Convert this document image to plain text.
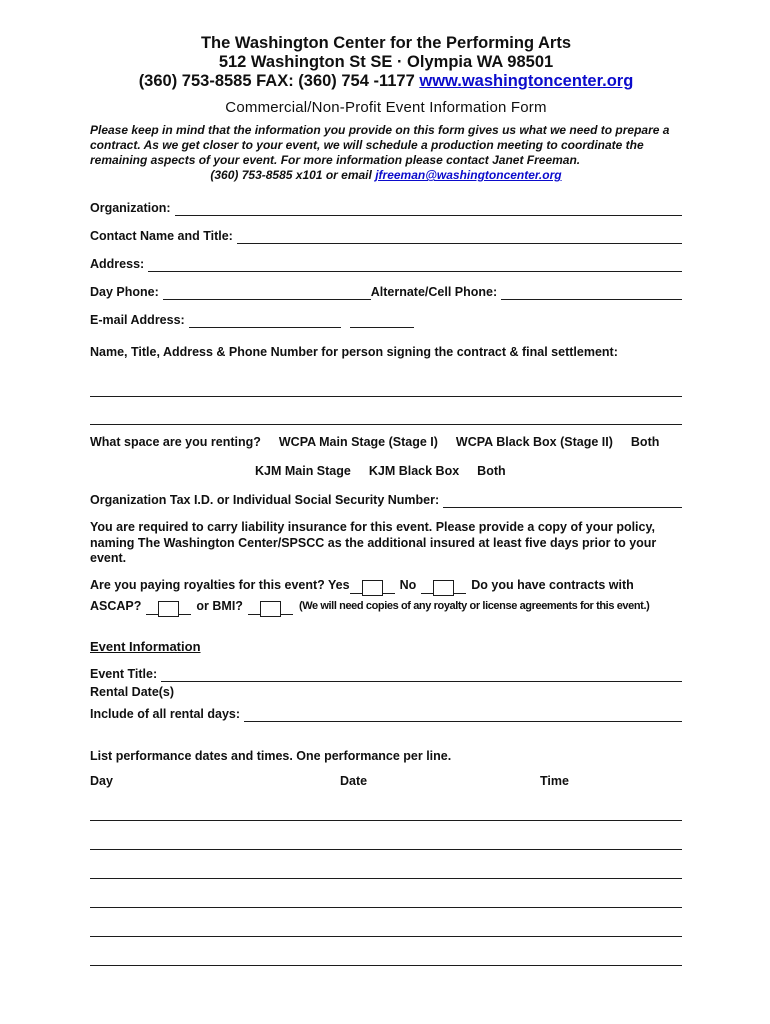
The Washington Center for the Performing Arts
512 Washington St SE · Olympia WA 98501
(360) 753-8585 FAX: (360) 754 -1177 www.washingtoncenter.org
Commercial/Non-Profit Event Information Form

Please keep in mind that the information you provide on this form gives us what we need to prepare a contract. As we get closer to your event, we will schedule a production meeting to coordinate the remaining aspects of your event. For more information please contact Janet Freeman.

(360) 753-8585 x101 or email jfreeman@washingtoncenter.org

Organization:
Contact Name and Title:
Address:
Day Phone:	Alternate/Cell Phone:
E-mail Address:
Name, Title, Address & Phone Number for person signing the contract & final settlement:
What space are you renting? WCPA Main Stage (Stage I) WCPA Black Box (Stage II) Both
KJM Main Stage KJM Black Box Both
Organization Tax I.D. or Individual Social Security Number:

You are required to carry liability insurance for this event. Please provide a copy of your policy, naming The Washington Center/SPSCC as the additional insured at least five days prior to your event.

Are you paying royalties for this event? Yes	No	Do you have contracts with
ASCAP?	or BMI?	(We will need copies of any royalty or license agreements for this event.)
Event Information
Event Title:
Rental Date(s)
Include of all rental days:
List performance dates and times. One performance per line.
Day	Date	Time
